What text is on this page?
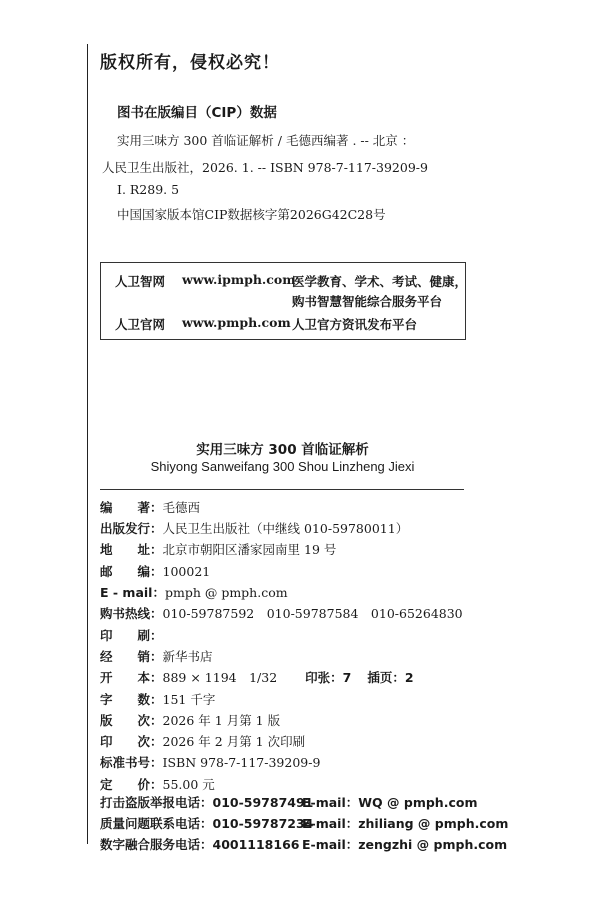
版权所有，侵权必究！
图书在版编目（CIP）数据
实用三味方 300 首临证解析 / 毛德西编著 . -- 北京 ：
人民卫生出版社，2026. 1. -- ISBN 978-7-117-39209-9
Ⅰ. R289. 5
中国国家版本馆CIP数据核字第2026G42C28号
人卫智网 www.ipmph.com
医学教育、学术、考试、健康，
购书智慧智能综合服务平台
人卫官网 www.pmph.com 人卫官方资讯发布平台
实用三味方 300 首临证解析
Shiyong Sanweifang 300 Shou Linzheng Jiexi
编　　著：毛德西
出版发行：人民卫生出版社（中继线 010-59780011）
地　　址：北京市朝阳区潘家园南里 19 号
邮　　编：100021
E - mail：pmph @ pmph.com
购书热线：010-59787592　010-59787584　010-65264830
印　　刷：
经　　销：新华书店
开　　本：889 × 1194　1/32 印张：7 插页：2
字　　数：151 千字
版　　次：2026 年 1 月第 1 版
印　　次：2026 年 2 月第 1 次印刷
标准书号：ISBN 978-7-117-39209-9
定　　价：55.00 元
打击盗版举报电话：010-59787491
E-mail：WQ @ pmph.com
质量问题联系电话：010-59787234
E-mail：zhiliang @ pmph.com
数字融合服务电话：4001118166 E-mail：zengzhi @ pmph.com
